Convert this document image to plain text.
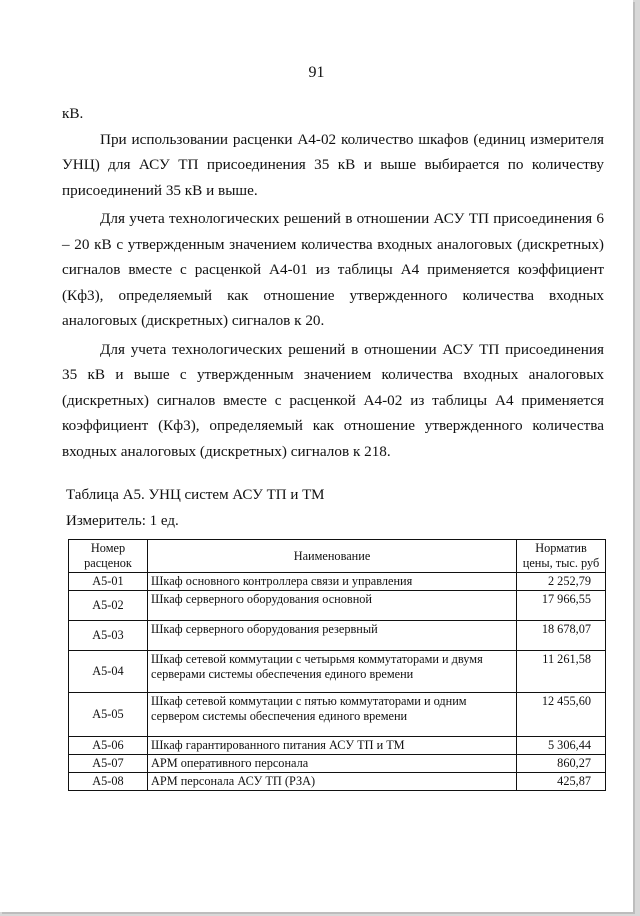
91

кВ.

При использовании расценки А4-02 количество шкафов (единиц измерителя УНЦ) для АСУ ТП присоединения 35 кВ и выше выбирается по количеству присоединений 35 кВ и выше.

Для учета технологических решений в отношении АСУ ТП присоединения 6 – 20 кВ с утвержденным значением количества входных аналоговых (дискретных) сигналов вместе с расценкой А4-01 из таблицы А4 применяется коэффициент (Кф3), определяемый как отношение утвержденного количества входных аналоговых (дискретных) сигналов к 20.

Для учета технологических решений в отношении АСУ ТП присоединения 35 кВ и выше с утвержденным значением количества входных аналоговых (дискретных) сигналов вместе с расценкой А4-02 из таблицы А4 применяется коэффициент (Кф3), определяемый как отношение утвержденного количества входных аналоговых (дискретных) сигналов к 218.

Таблица А5. УНЦ систем АСУ ТП и ТМ
Измеритель: 1 ед.
Номер расценок	Наименование	Норматив цены, тыс. руб
А5-01	Шкаф основного контроллера связи и управления	2 252,79
А5-02	Шкаф серверного оборудования основной	17 966,55
А5-03	Шкаф серверного оборудования резервный	18 678,07
А5-04	Шкаф сетевой коммутации с четырьмя коммутаторами и двумя серверами системы обеспечения единого времени	11 261,58
А5-05	Шкаф сетевой коммутации с пятью коммутаторами и одним сервером системы обеспечения единого времени	12 455,60
А5-06	Шкаф гарантированного питания АСУ ТП и ТМ	5 306,44
А5-07	АРМ оперативного персонала	860,27
А5-08	АРМ персонала АСУ ТП (РЗА)	425,87
